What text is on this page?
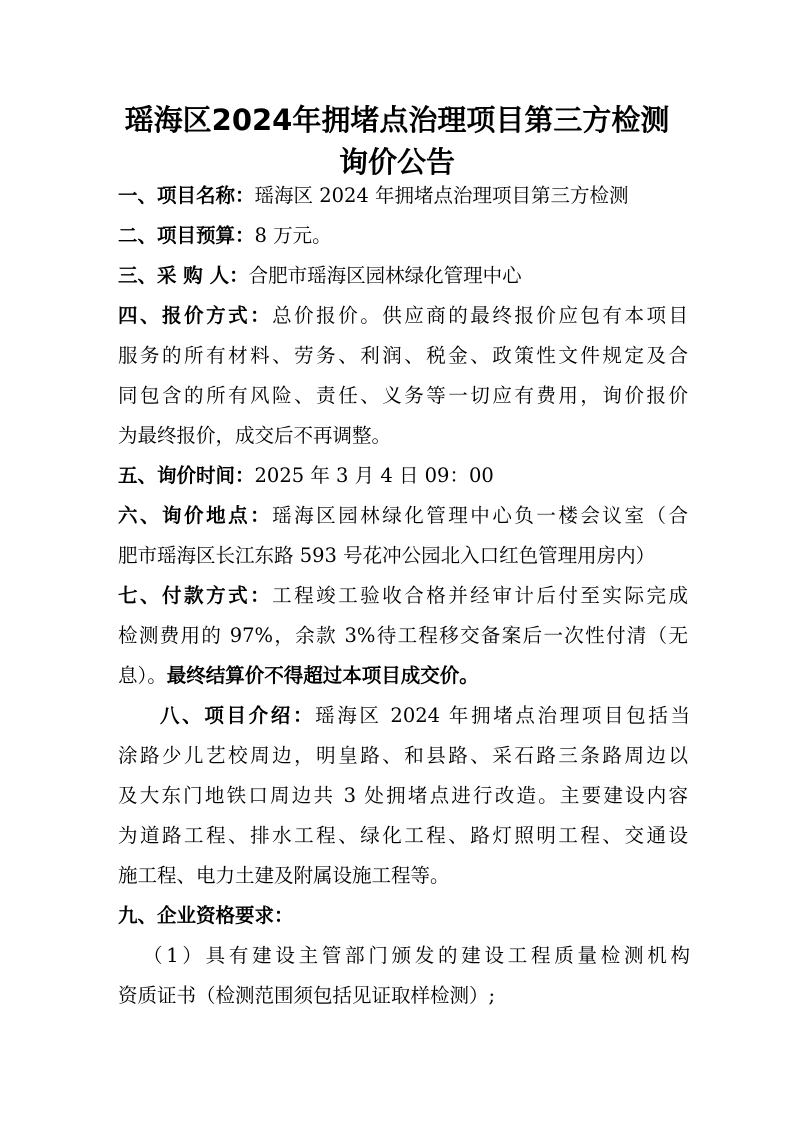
瑶海区2024年拥堵点治理项目第三方检测
询价公告
一、项目名称：瑶海区 2024 年拥堵点治理项目第三方检测
二、项目预算：8 万元。
三、采 购 人：合肥市瑶海区园林绿化管理中心
四、报价方式：总价报价。供应商的最终报价应包有本项目
服务的所有材料、劳务、利润、税金、政策性文件规定及合
同包含的所有风险、责任、义务等一切应有费用，询价报价
为最终报价，成交后不再调整。
五、询价时间：2025 年 3 月 4 日 09：00
六、询价地点：瑶海区园林绿化管理中心负一楼会议室（合
肥市瑶海区长江东路 593 号花冲公园北入口红色管理用房内）
七、付款方式：工程竣工验收合格并经审计后付至实际完成
检测费用的 97%，余款 3%待工程移交备案后一次性付清（无
息）。最终结算价不得超过本项目成交价。
八、项目介绍：瑶海区 2024 年拥堵点治理项目包括当
涂路少儿艺校周边，明皇路、和县路、采石路三条路周边以
及大东门地铁口周边共 3 处拥堵点进行改造。主要建设内容
为道路工程、排水工程、绿化工程、路灯照明工程、交通设
施工程、电力土建及附属设施工程等。
九、企业资格要求：
（1）具有建设主管部门颁发的建设工程质量检测机构
资质证书（检测范围须包括见证取样检测）;
